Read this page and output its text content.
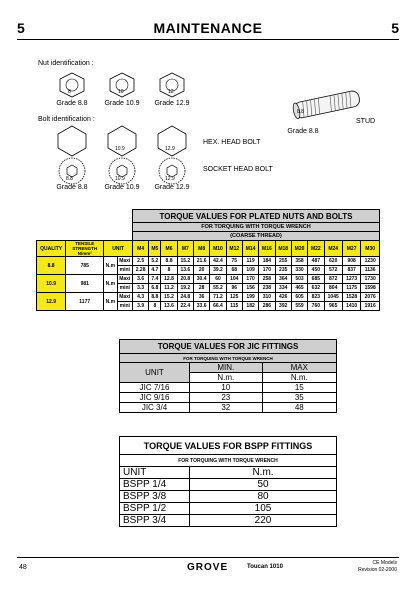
5	MAINTENANCE	5
Nut identification :
8	10	12
Grade 8.8	Grade 10.9	Grade 12.9
8.8
STUD
Grade 8.8
Bolt identification :
10.9	12.9
HEX. HEAD BOLT
8.8	10.9	12.9
SOCKET HEAD BOLT
Grade 8.8	Grade 10.9	Grade 12.9
				TORQUE VALUES FOR PLATED NUTS AND BOLTS														
				FOR TORQUING WITH TORQUE WRENCH														
				(COARSE THREAD)														
QUALITY	TENSILE STRENGTH N/mm²	UNIT		M4	M5	M6	M7	M8	M10	M12	M14	M16	M18	M20	M22	M24	M27	M30
8.8	785	N.m	Maxi	2.5	5.2	8.8	15.2	21.6	42.4	75	119	184	255	358	487	620	908	1230
			mini	2.28	4.7	8	13.6	20	39.2	68	109	170	235	330	450	572	837	1136
10.9	981	N.m	Maxi	3.6	7.4	12.8	20.8	30.4	60	104	170	258	364	503	685	872	1273	1730
			mini	3.3	6.8	11.2	19.2	28	55.2	96	156	238	334	465	632	804	1175	1598
12.9	1177	N.m	Maxi	4.3	8.8	15.2	24.8	36	71.2	125	199	310	426	605	823	1045	1528	2076
			mini	3.9	8	13.6	22.4	33.6	66.4	115	182	286	392	559	760	965	1410	1916
TORQUE VALUES FOR JIC FITTINGS		
FOR TORQUING WITH TORQUE WRENCH		
UNIT	MIN.	MAX
	N.m.	N.m.
JIC 7/16	10	15
JIC 9/16	23	35
JIC 3/4	32	48
TORQUE VALUES FOR BSPP FITTINGS	
FOR TORQUING WITH TORQUE WRENCH	
UNIT	N.m.
BSPP 1/4	50
BSPP 3/8	80
BSPP 1/2	105
BSPP 3/4	220
48	GROVE	Toucan 1010
CE Models
Revision 02-2000
